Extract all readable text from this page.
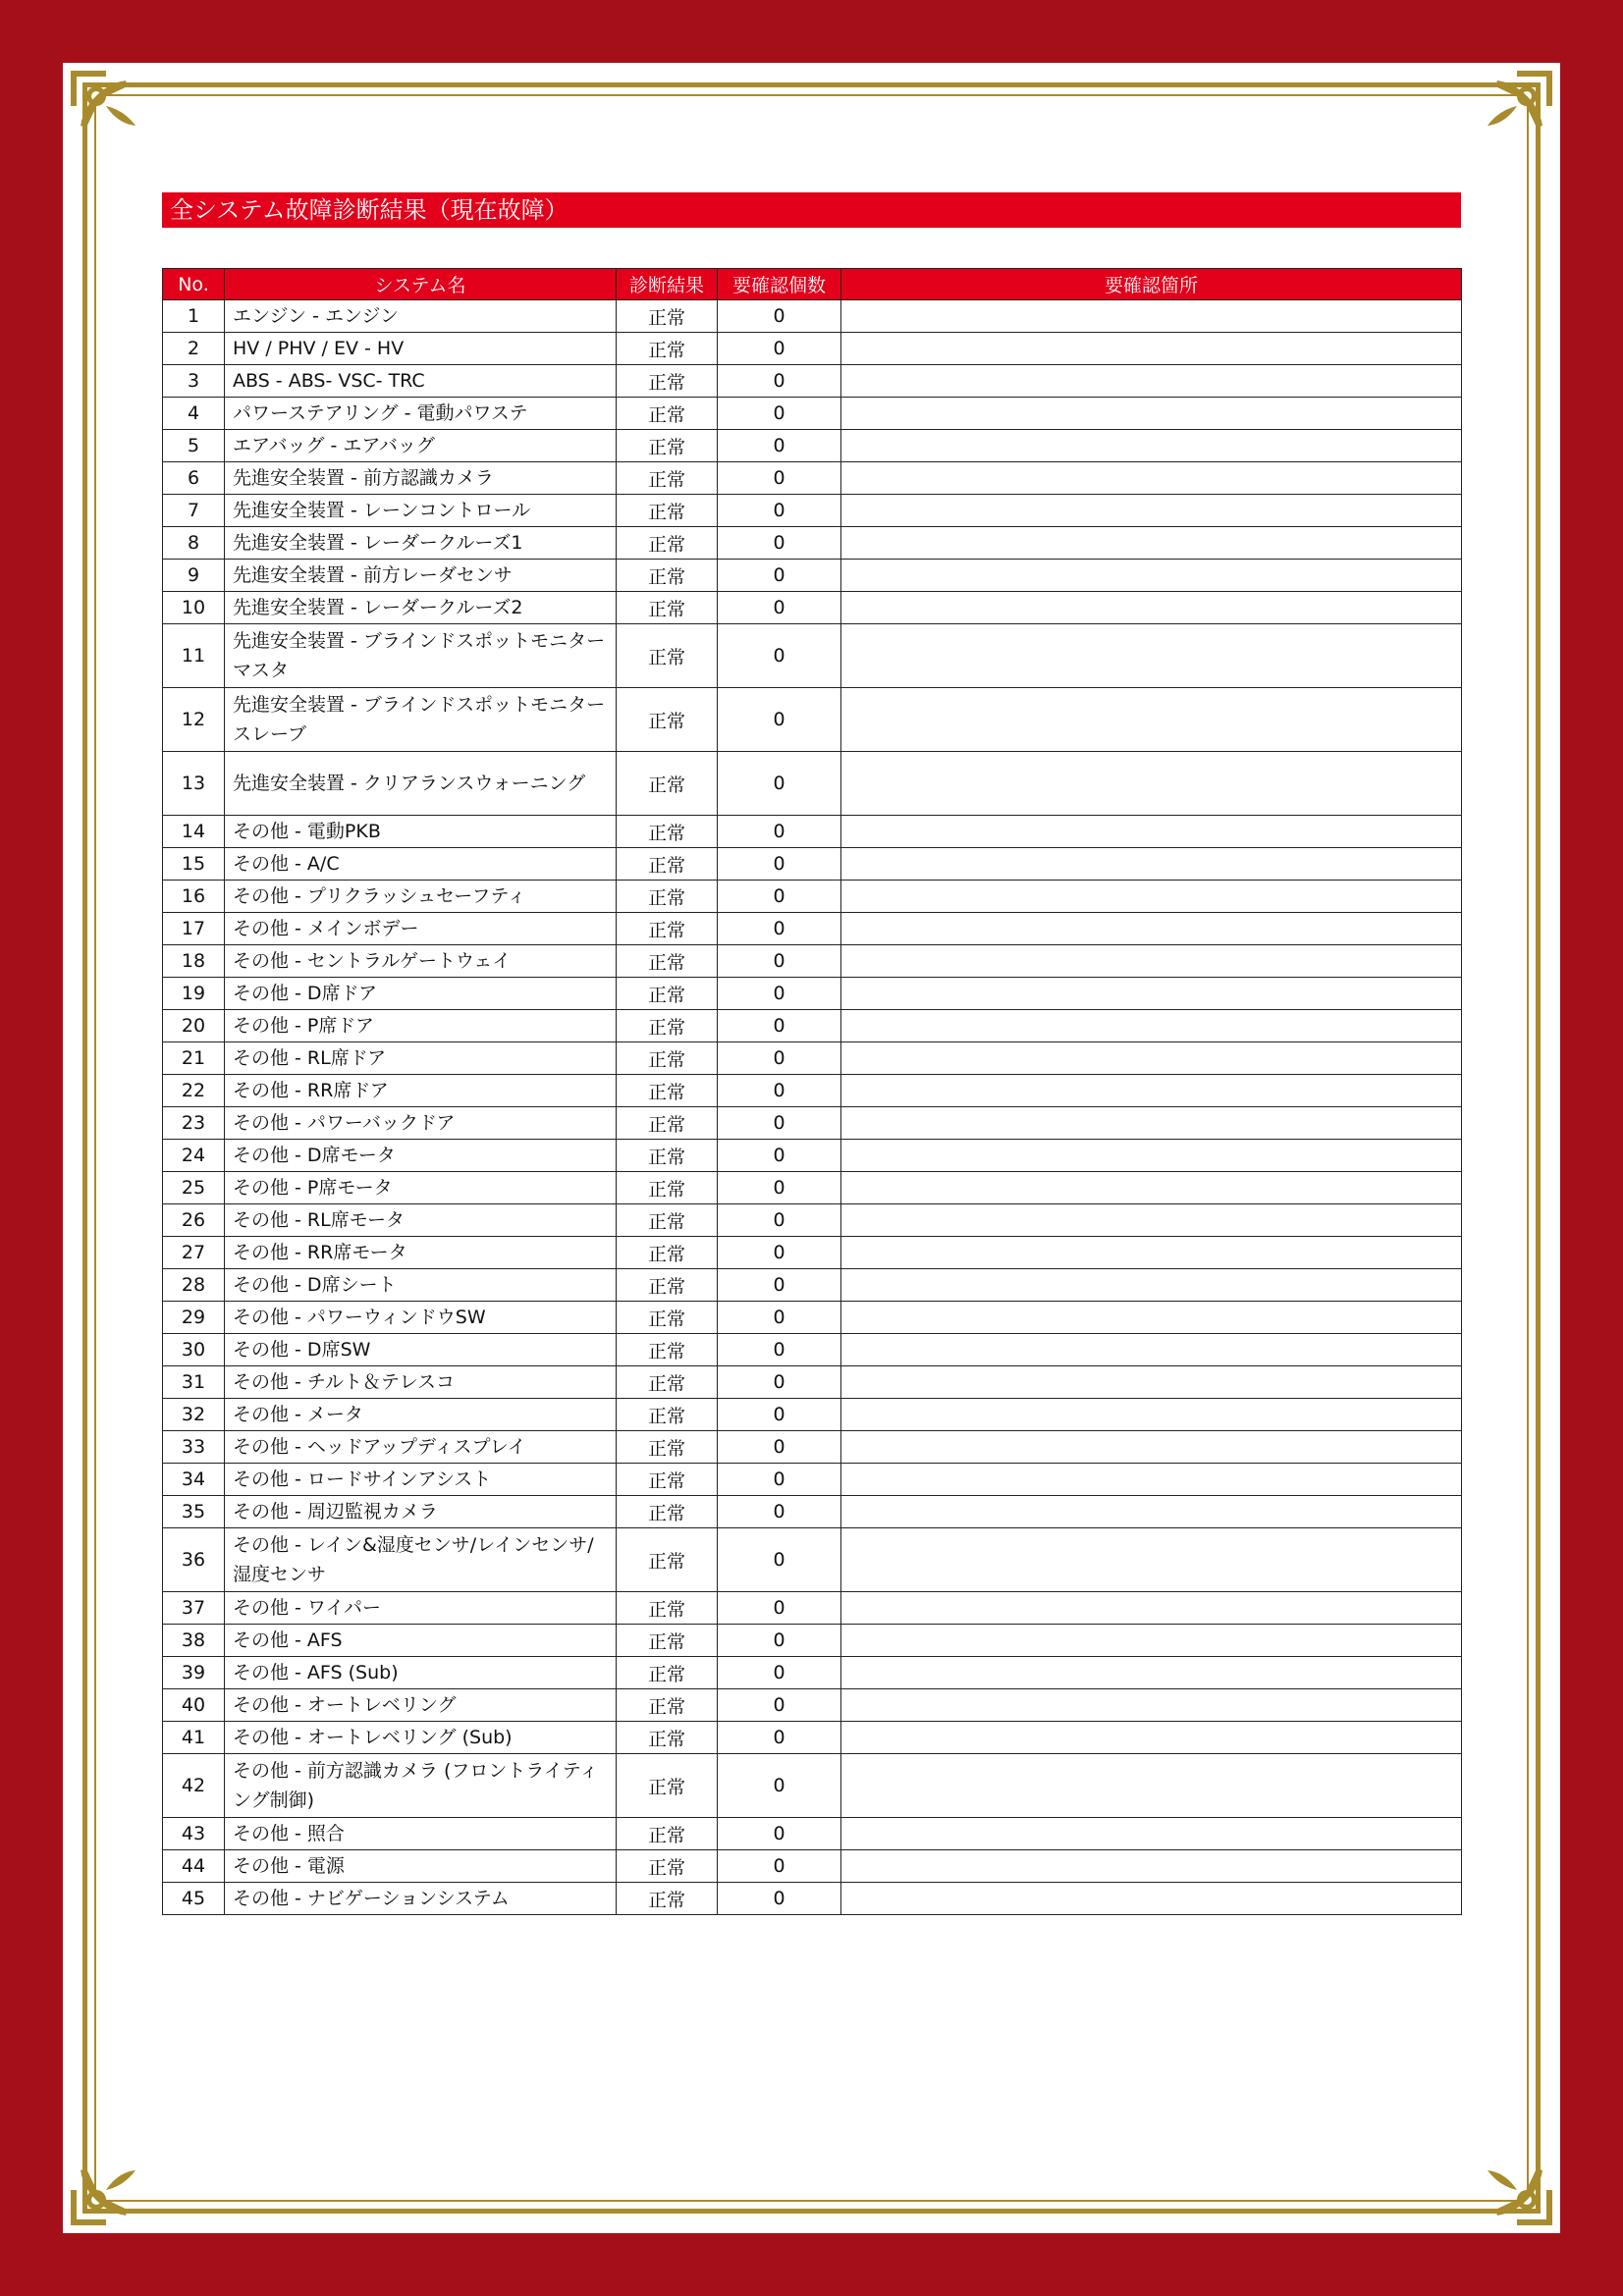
全システム故障診断結果（現在故障）
No.	システム名	診断結果	要確認個数	要確認箇所
1	エンジン - エンジン	正常	0	
2	HV / PHV / EV - HV	正常	0	
3	ABS - ABS- VSC- TRC	正常	0	
4	パワーステアリング - 電動パワステ	正常	0	
5	エアバッグ - エアバッグ	正常	0	
6	先進安全装置 - 前方認識カメラ	正常	0	
7	先進安全装置 - レーンコントロール	正常	0	
8	先進安全装置 - レーダークルーズ1	正常	0	
9	先進安全装置 - 前方レーダセンサ	正常	0	
10	先進安全装置 - レーダークルーズ2	正常	0	
11	先進安全装置 - ブラインドスポットモニター マスタ	正常	0	
12	先進安全装置 - ブラインドスポットモニター スレーブ	正常	0	
13	先進安全装置 - クリアランスウォーニング	正常	0	
14	その他 - 電動PKB	正常	0	
15	その他 - A/C	正常	0	
16	その他 - プリクラッシュセーフティ	正常	0	
17	その他 - メインボデー	正常	0	
18	その他 - セントラルゲートウェイ	正常	0	
19	その他 - D席ドア	正常	0	
20	その他 - P席ドア	正常	0	
21	その他 - RL席ドア	正常	0	
22	その他 - RR席ドア	正常	0	
23	その他 - パワーバックドア	正常	0	
24	その他 - D席モータ	正常	0	
25	その他 - P席モータ	正常	0	
26	その他 - RL席モータ	正常	0	
27	その他 - RR席モータ	正常	0	
28	その他 - D席シート	正常	0	
29	その他 - パワーウィンドウSW	正常	0	
30	その他 - D席SW	正常	0	
31	その他 - チルト＆テレスコ	正常	0	
32	その他 - メータ	正常	0	
33	その他 - ヘッドアップディスプレイ	正常	0	
34	その他 - ロードサインアシスト	正常	0	
35	その他 - 周辺監視カメラ	正常	0	
36	その他 - レイン&湿度センサ/レインセンサ/湿度センサ	正常	0	
37	その他 - ワイパー	正常	0	
38	その他 - AFS	正常	0	
39	その他 - AFS (Sub)	正常	0	
40	その他 - オートレベリング	正常	0	
41	その他 - オートレベリング (Sub)	正常	0	
42	その他 - 前方認識カメラ (フロントライティング制御)	正常	0	
43	その他 - 照合	正常	0	
44	その他 - 電源	正常	0	
45	その他 - ナビゲーションシステム	正常	0	
